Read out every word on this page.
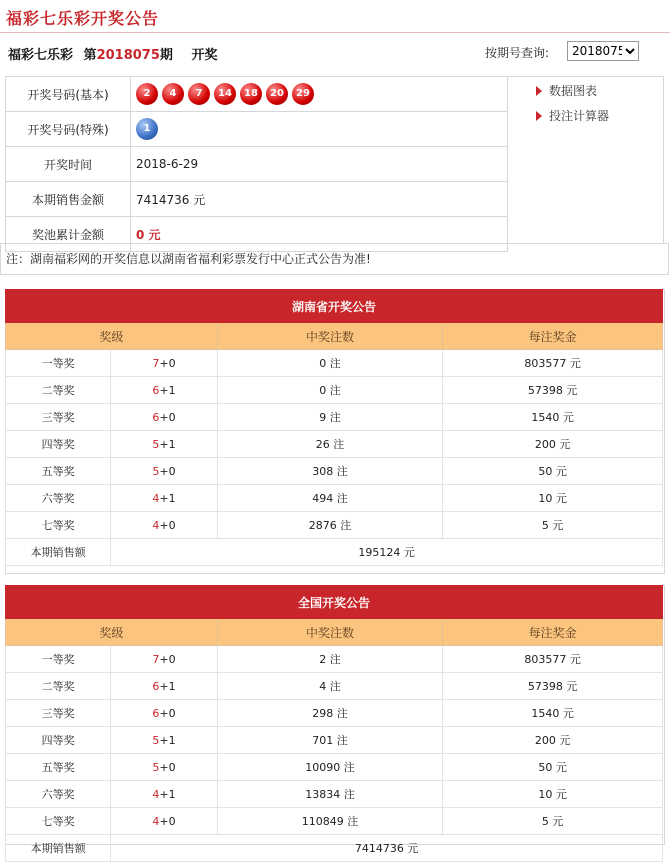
福彩七乐彩开奖公告
福彩七乐彩 第2018075期 开奖	按期号查询:
2018075
开奖号码(基本)	2 4 7 14 18 20 29
开奖号码(特殊)	1
开奖时间	2018-6-29
本期销售金额	7414736 元
奖池累计金额	0 元
数据图表
投注计算器
注：湖南福彩网的开奖信息以湖南省福利彩票发行中心正式公告为准!
湖南省开奖公告			
奖级		中奖注数	每注奖金
一等奖	7+0	0 注	803577 元
二等奖	6+1	0 注	57398 元
三等奖	6+0	9 注	1540 元
四等奖	5+1	26 注	200 元
五等奖	5+0	308 注	50 元
六等奖	4+1	494 注	10 元
七等奖	4+0	2876 注	5 元
本期销售额	195124 元		
全国开奖公告			
奖级		中奖注数	每注奖金
一等奖	7+0	2 注	803577 元
二等奖	6+1	4 注	57398 元
三等奖	6+0	298 注	1540 元
四等奖	5+1	701 注	200 元
五等奖	5+0	10090 注	50 元
六等奖	4+1	13834 注	10 元
七等奖	4+0	110849 注	5 元
本期销售额	7414736 元		
